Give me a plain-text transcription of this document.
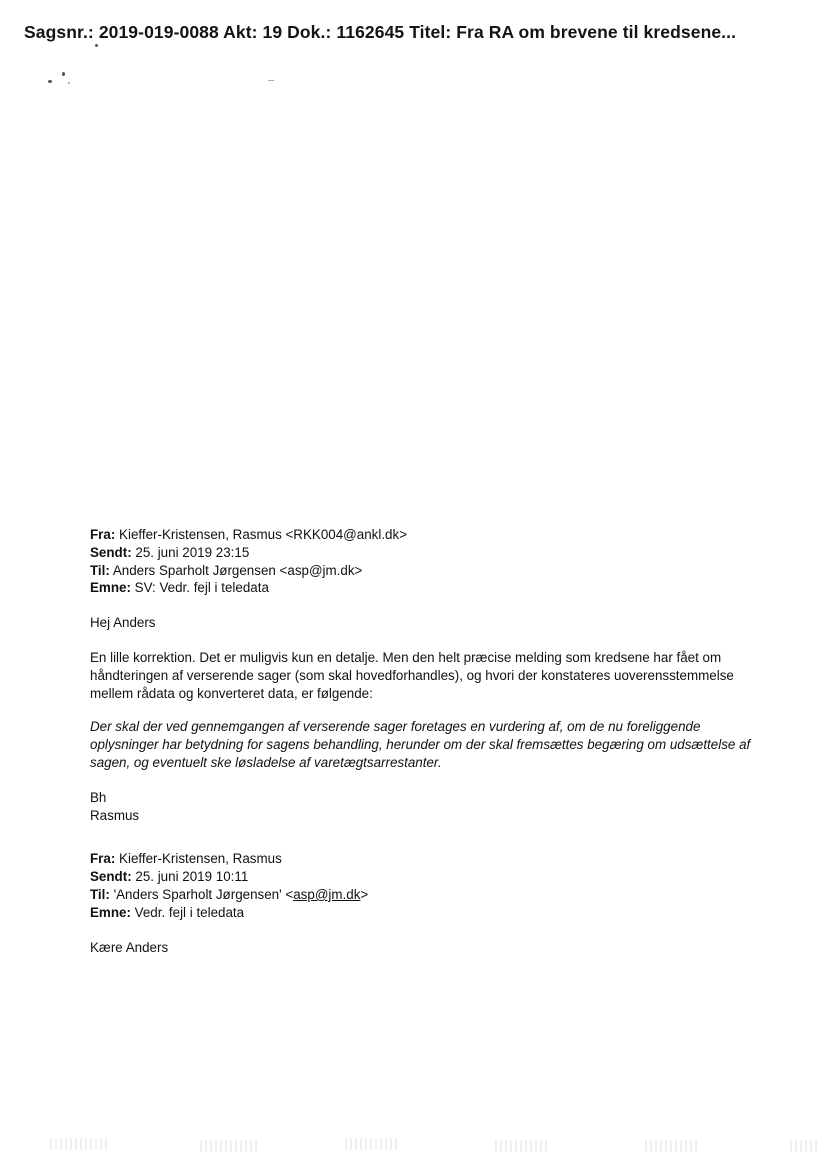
Sagsnr.: 2019-019-0088 Akt: 19 Dok.: 1162645 Titel: Fra RA om brevene til kredsene...
Fra: Kieffer-Kristensen, Rasmus <RKK004@ankl.dk>
Sendt: 25. juni 2019 23:15
Til: Anders Sparholt Jørgensen <asp@jm.dk>
Emne: SV: Vedr. fejl i teledata
Hej Anders
En lille korrektion. Det er muligvis kun en detalje. Men den helt præcise melding som kredsene har fået om håndteringen af verserende sager (som skal hovedforhandles), og hvori der konstateres uoverensstemmelse mellem rådata og konverteret data, er følgende:
Der skal der ved gennemgangen af verserende sager foretages en vurdering af, om de nu foreliggende oplysninger har betydning for sagens behandling, herunder om der skal fremsættes begæring om udsættelse af sagen, og eventuelt ske løsladelse af varetægtsarrestanter.
Bh
Rasmus
Fra: Kieffer-Kristensen, Rasmus
Sendt: 25. juni 2019 10:11
Til: 'Anders Sparholt Jørgensen' <asp@jm.dk>
Emne: Vedr. fejl i teledata
Kære Anders
